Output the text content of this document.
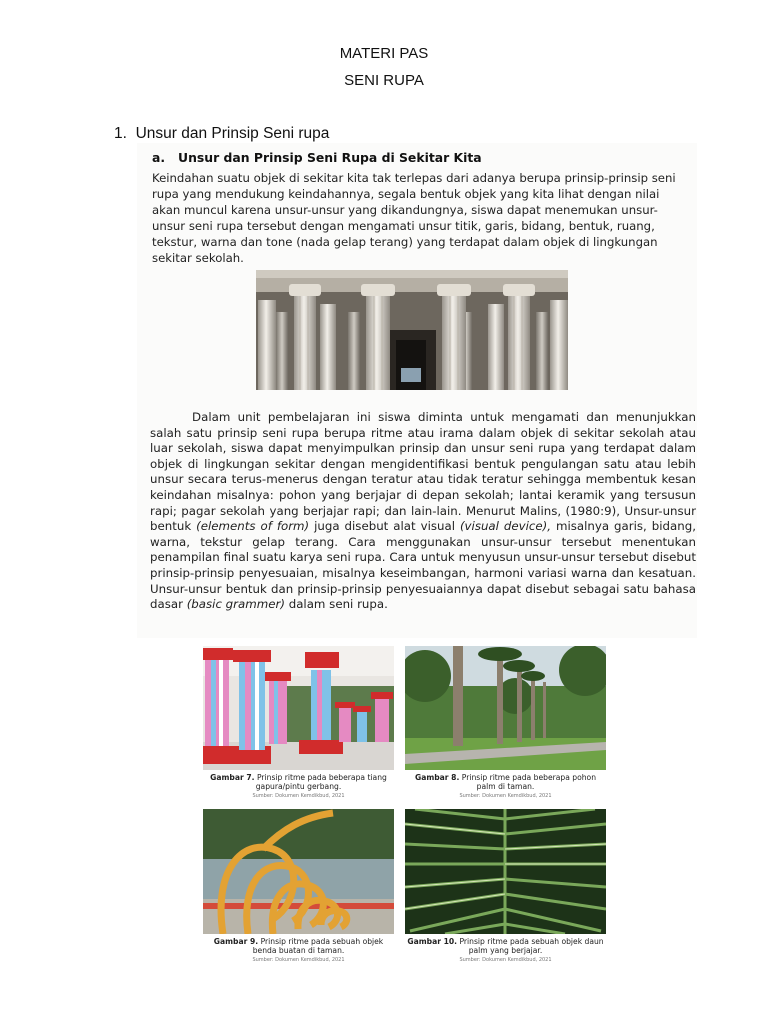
MATERI PAS
SENI RUPA
1. Unsur dan Prinsip Seni rupa
a. Unsur dan Prinsip Seni Rupa di Sekitar Kita
Keindahan suatu objek di sekitar kita tak terlepas dari adanya berupa prinsip-prinsip seni rupa yang mendukung keindahannya, segala bentuk objek yang kita lihat dengan nilai akan muncul karena unsur-unsur yang dikandungnya, siswa dapat menemukan unsur-unsur seni rupa tersebut dengan mengamati unsur titik, garis, bidang, bentuk, ruang, tekstur, warna dan tone (nada gelap terang) yang terdapat dalam objek di lingkungan sekitar sekolah.
Dalam unit pembelajaran ini siswa diminta untuk mengamati dan menunjukkan salah satu prinsip seni rupa berupa ritme atau irama dalam objek di sekitar sekolah atau luar sekolah, siswa dapat menyimpulkan prinsip dan unsur seni rupa yang terdapat dalam objek di lingkungan sekitar dengan mengidentifikasi bentuk pengulangan satu atau lebih unsur secara terus-menerus dengan teratur atau tidak teratur sehingga membentuk kesan keindahan misalnya: pohon yang berjajar di depan sekolah; lantai keramik yang tersusun rapi; pagar sekolah yang berjajar rapi; dan lain-lain. Menurut Malins, (1980:9), Unsur-unsur bentuk (elements of form) juga disebut alat visual (visual device), misalnya garis, bidang, warna, tekstur gelap terang. Cara menggunakan unsur-unsur tersebut menentukan penampilan final suatu karya seni rupa. Cara untuk menyusun unsur-unsur tersebut disebut prinsip-prinsip penyesuaian, misalnya keseimbangan, harmoni variasi warna dan kesatuan. Unsur-unsur bentuk dan prinsip-prinsip penyesuaiannya dapat disebut sebagai satu bahasa dasar (basic grammer) dalam seni rupa.
Gambar 7. Prinsip ritme pada beberapa tiang gapura/pintu gerbang.
Sumber: Dokumen Kemdikbud, 2021
Gambar 8. Prinsip ritme pada beberapa pohon palm di taman.
Sumber: Dokumen Kemdikbud, 2021
Gambar 9. Prinsip ritme pada sebuah objek benda buatan di taman.
Sumber: Dokumen Kemdikbud, 2021
Gambar 10. Prinsip ritme pada sebuah objek daun palm yang berjajar.
Sumber: Dokumen Kemdikbud, 2021
